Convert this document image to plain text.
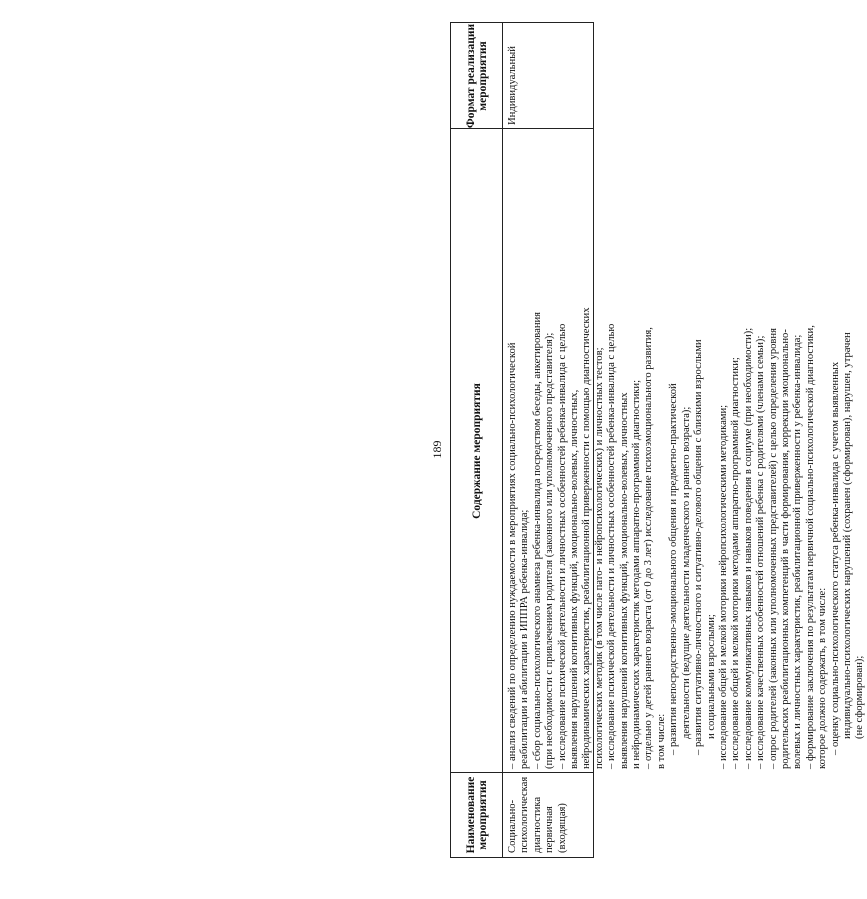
189
Наименование мероприятия
Содержание мероприятия
Формат реализации мероприятия
Социально- психологическая диагностика первичная (входящая)
– анализ сведений по определению нуждаемости в мероприятиях социально-психологической реабилитации и абилитации в ИППРА ребенка-инвалида; – сбор социально-психологического анамнеза ребенка-инвалида посредством беседы, анкетирования (при необходимости с привлечением родителя (законного или уполномоченного представителя); – исследование психической деятельности и личностных особенностей ребенка-инвалида с целью выявления нарушений когнитивных функций, эмоционально-волевых, личностных, нейродинамических характеристик, реабилитационной приверженности с помощью диагностических психологических методик (в том числе пато- и нейропсихологических) и личностных тестов; – исследование психической деятельности и личностных особенностей ребенка-инвалида с целью выявления нарушений когнитивных функций, эмоционально-волевых, личностных и нейродинамических характеристик методами аппаратно-программной диагностики; – отдельно у детей раннего возраста (от 0 до 3 лет) исследование психоэмоционального развития, в том числе: – развития непосредственно-эмоционального общения и предметно-практической деятельности (ведущие деятельности младенческого и раннего возраста); – развития ситуативно-личностного и ситуативно-делового общения с близкими взрослыми и социальными взрослыми; – исследование общей и мелкой моторики нейропсихологическими методиками; – исследование общей и мелкой моторики методами аппаратно-программной диагностики; – исследование коммуникативных навыков и навыков поведения в социуме (при необходимости); – исследование качественных особенностей отношений ребенка с родителями (членами семьи); – опрос родителей (законных или уполномоченных представителей) с целью определения уровня родительских реабилитационных компетенций в части формирования, коррекции эмоционально- волевых и личностных характеристик, реабилитационной приверженности у ребенка-инвалида; – формирование заключения по результатам первичной социально-психологической диагностики, которое должно содержать, в том числе: – оценку социально-психологического статуса ребенка-инвалида с учетом выявленных индивидуально-психологических нарушений (сохранен (сформирован), нарушен, утрачен (не сформирован);
Индивидуальный
